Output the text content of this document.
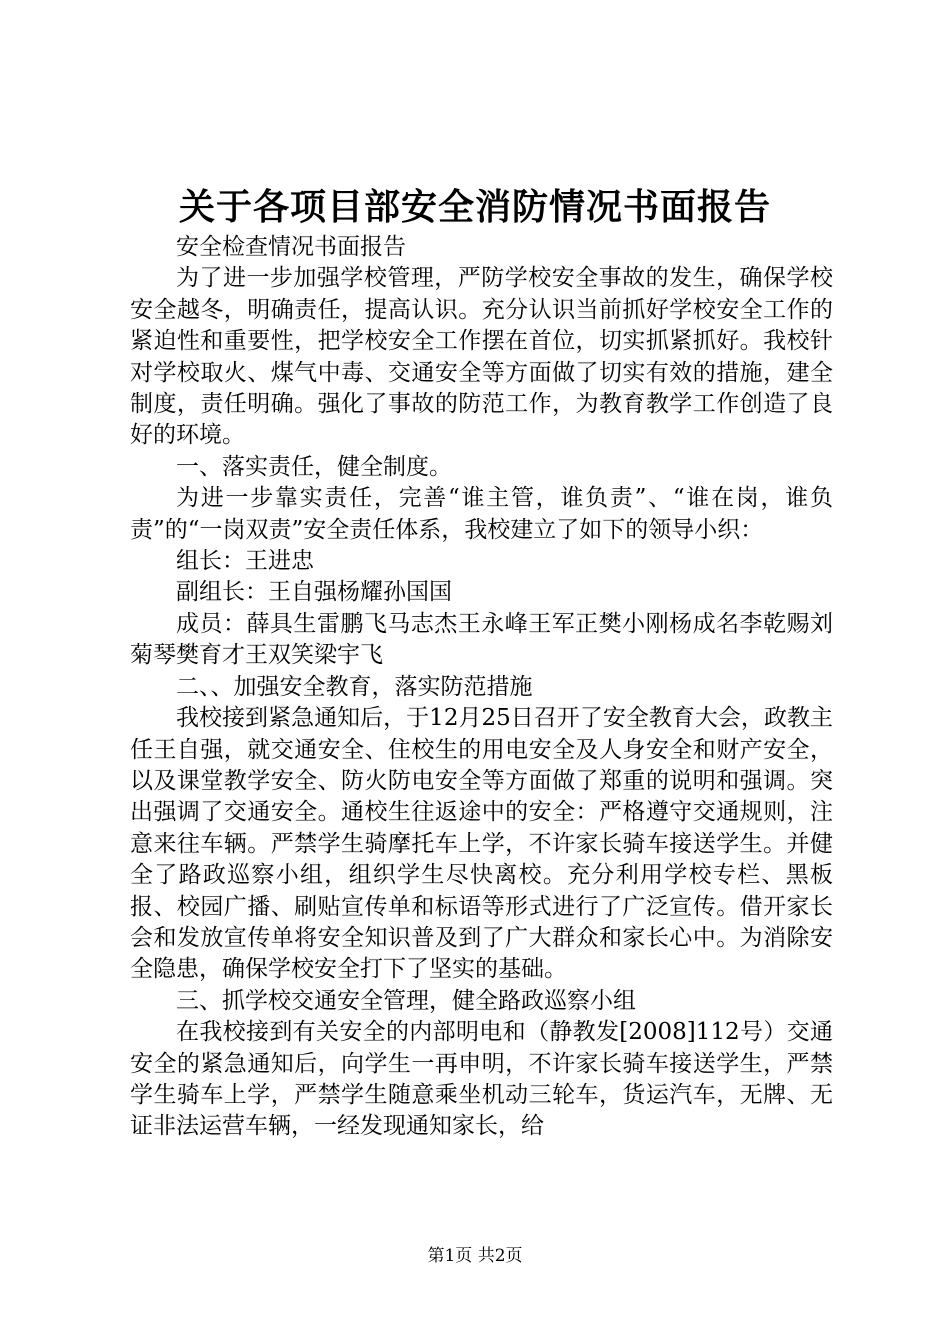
关于各项目部安全消防情况书面报告

安全检查情况书面报告

为了进一步加强学校管理，严防学校安全事故的发生，确保学校安全越冬，明确责任，提高认识。充分认识当前抓好学校安全工作的紧迫性和重要性，把学校安全工作摆在首位，切实抓紧抓好。我校针对学校取火、煤气中毒、交通安全等方面做了切实有效的措施，建全制度，责任明确。强化了事故的防范工作，为教育教学工作创造了良好的环境。

一、落实责任，健全制度。

为进一步靠实责任，完善“谁主管，谁负责”、“谁在岗，谁负责”的“一岗双责”安全责任体系，我校建立了如下的领导小织：

组长：王进忠

副组长：王自强杨耀孙国国

成员：薛具生雷鹏飞马志杰王永峰王军正樊小刚杨成名李乾赐刘菊琴樊育才王双笑梁宇飞

二、、加强安全教育，落实防范措施

我校接到紧急通知后，于12月25日召开了安全教育大会，政教主任王自强，就交通安全、住校生的用电安全及人身安全和财产安全，以及课堂教学安全、防火防电安全等方面做了郑重的说明和强调。突出强调了交通安全。通校生往返途中的安全：严格遵守交通规则，注意来往车辆。严禁学生骑摩托车上学，不许家长骑车接送学生。并健全了路政巡察小组，组织学生尽快离校。充分利用学校专栏、黑板报、校园广播、刷贴宣传单和标语等形式进行了广泛宣传。借开家长会和发放宣传单将安全知识普及到了广大群众和家长心中。为消除安全隐患，确保学校安全打下了坚实的基础。

三、抓学校交通安全管理，健全路政巡察小组

在我校接到有关安全的内部明电和（静教发[2008]112号）交通安全的紧急通知后，向学生一再申明，不许家长骑车接送学生，严禁学生骑车上学，严禁学生随意乘坐机动三轮车，货运汽车，无牌、无证非法运营车辆，一经发现通知家长，给

第1页 共2页
